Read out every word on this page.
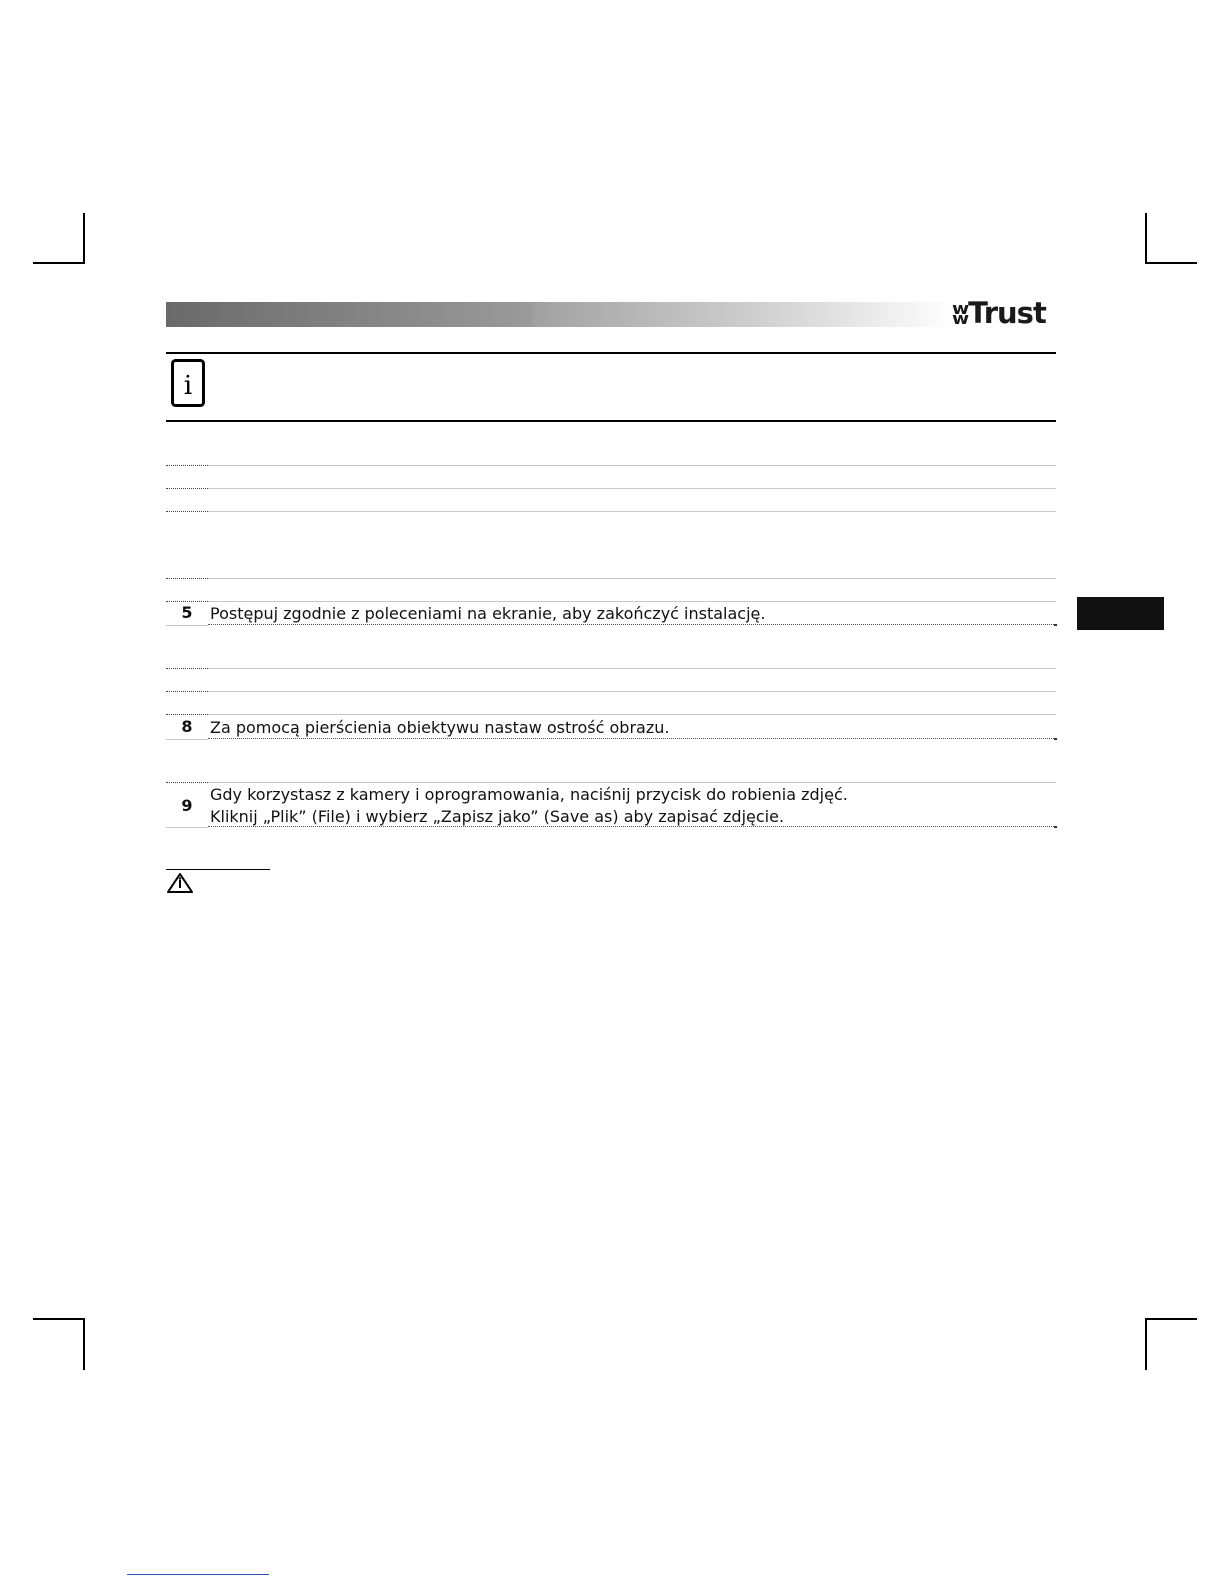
ʬTrust
i
5	Postępuj zgodnie z poleceniami na ekranie, aby zakończyć instalację.
8	Za pomocą pierścienia obiektywu nastaw ostrość obrazu.
9
Gdy korzystasz z kamery i oprogramowania, naciśnij przycisk do robienia zdjęć.
Kliknij „Plik” (File) i wybierz „Zapisz jako” (Save as) aby zapisać zdjęcie.
